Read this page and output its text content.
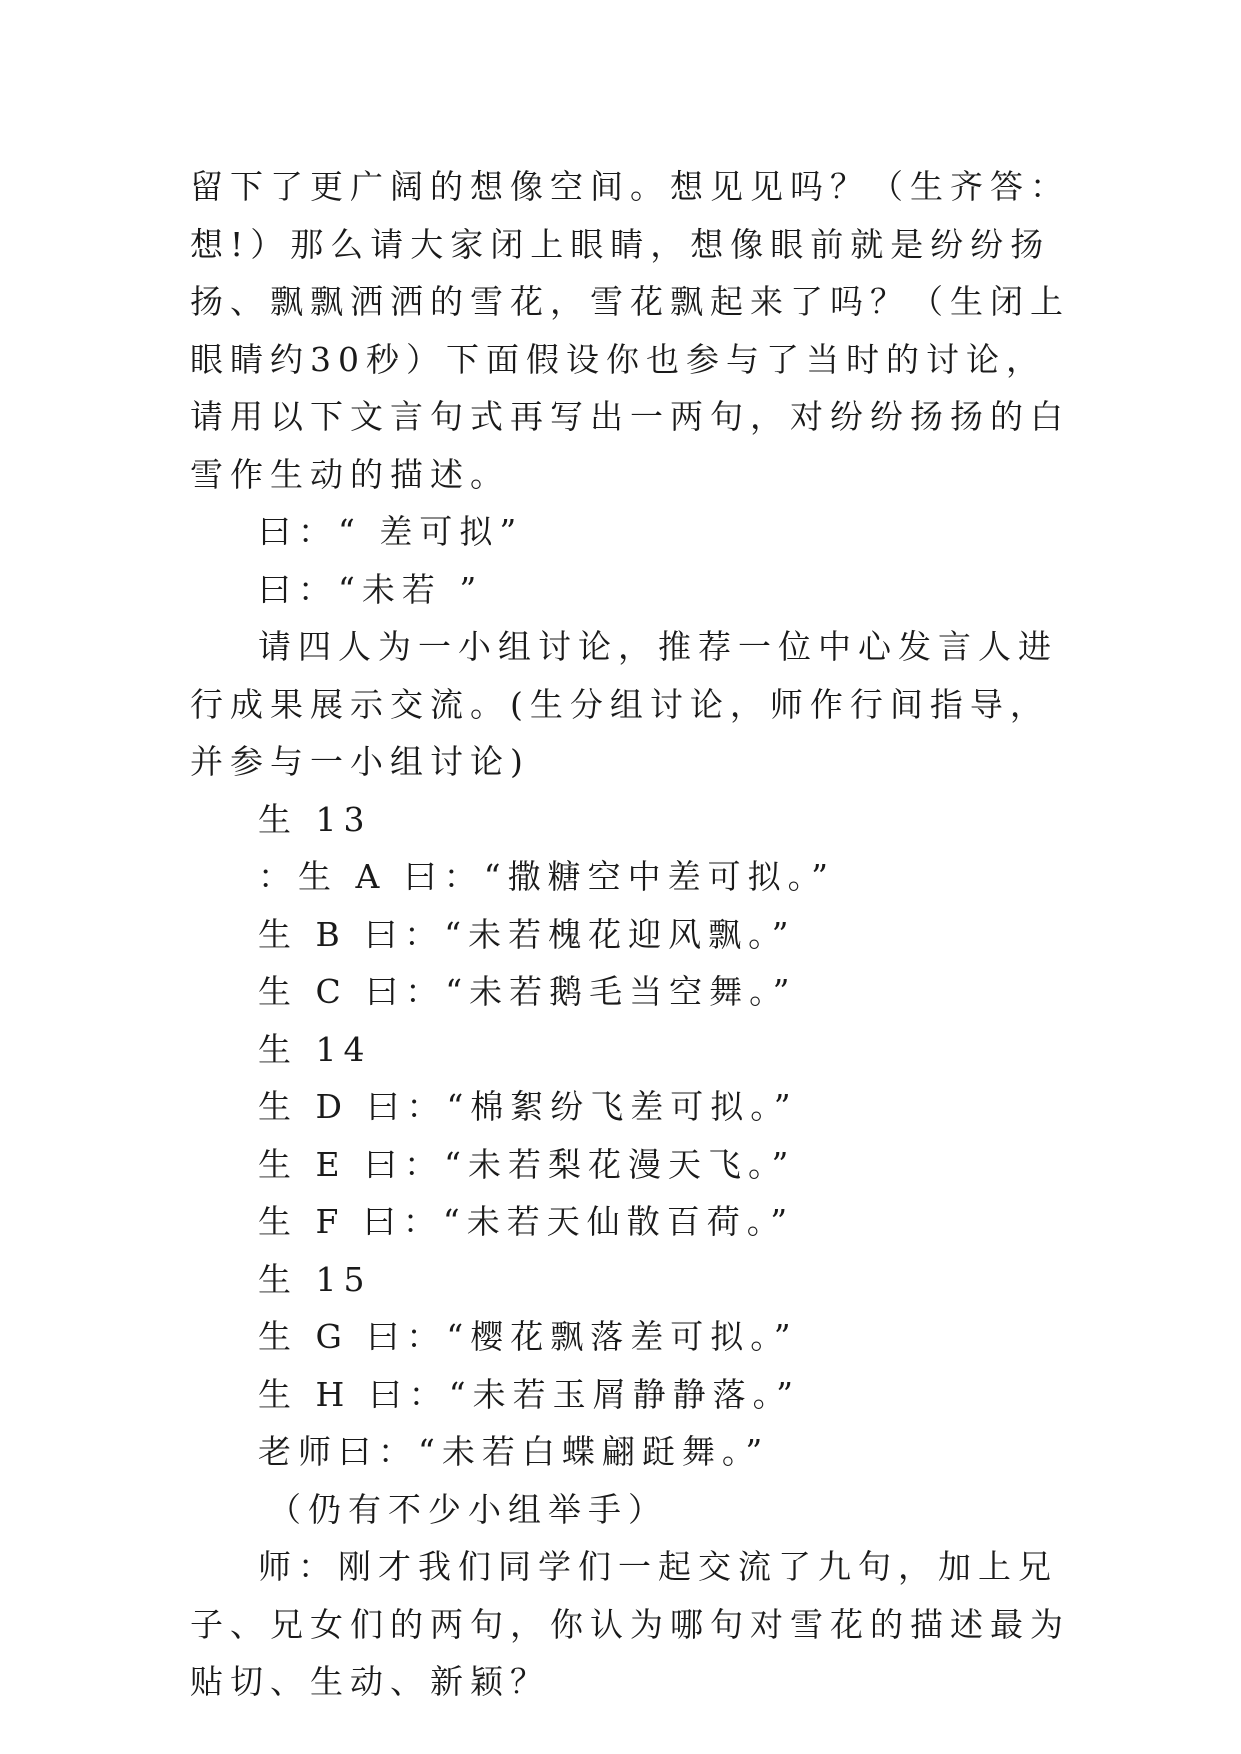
留下了更广阔的想像空间。想见见吗？（生齐答：想!）那么请大家闭上眼睛，想像眼前就是纷纷扬扬、飘飘洒洒的雪花，雪花飘起来了吗？（生闭上眼睛约30秒）下面假设你也参与了当时的讨论，请用以下文言句式再写出一两句，对纷纷扬扬的白雪作生动的描述。

曰：“ 差可拟”

曰：“未若 ”

请四人为一小组讨论，推荐一位中心发言人进行成果展示交流。(生分组讨论，师作行间指导，并参与一小组讨论)

生 13

：生 A 曰：“撒糖空中差可拟。”

生 B 曰：“未若槐花迎风飘。”

生 C 曰：“未若鹅毛当空舞。”

生 14

生 D 曰：“棉絮纷飞差可拟。”

生 E 曰：“未若梨花漫天飞。”

生 F 曰：“未若天仙散百荷。”

生 15

生 G 曰：“樱花飘落差可拟。”

生 H 曰：“未若玉屑静静落。”

老师曰：“未若白蝶翩跹舞。”

（仍有不少小组举手）

师：刚才我们同学们一起交流了九句，加上兄子、兄女们的两句，你认为哪句对雪花的描述最为贴切、生动、新颖？
